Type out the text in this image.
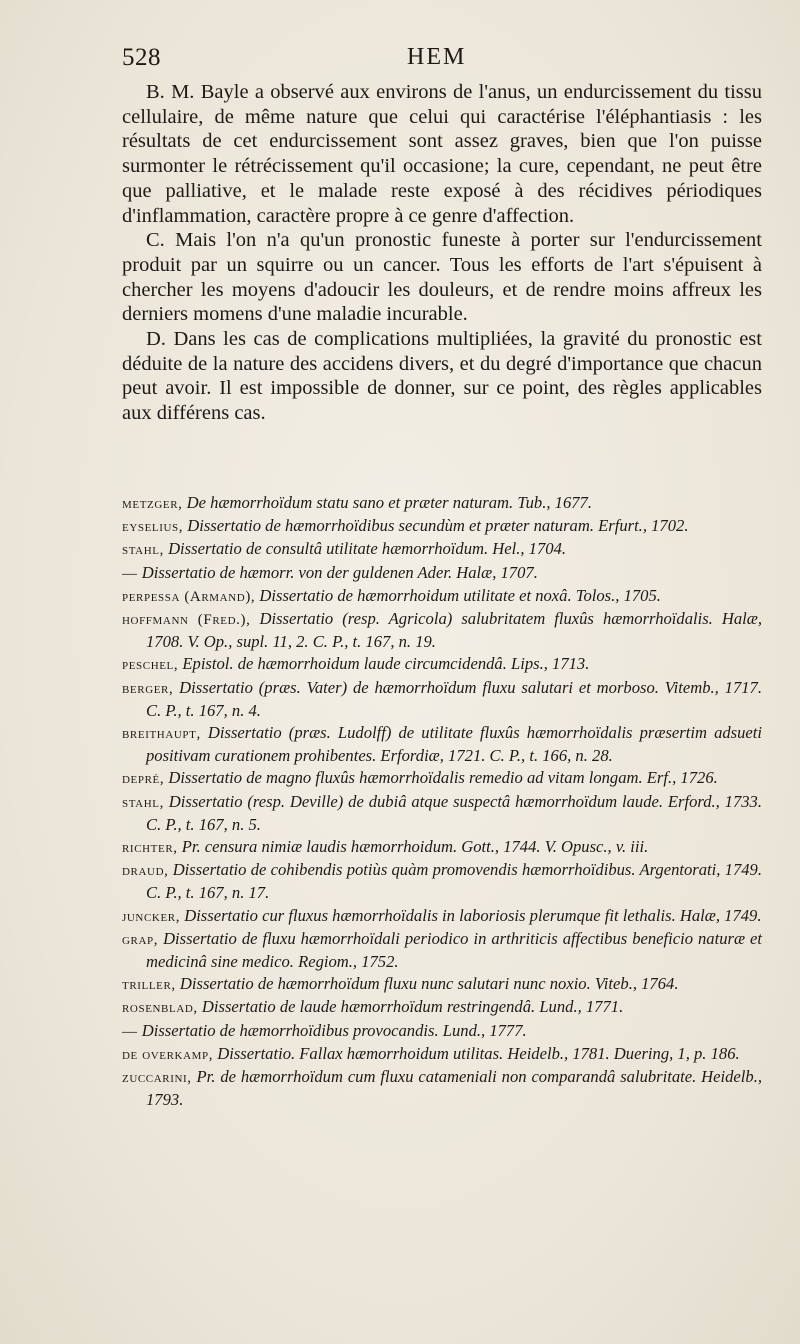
528	HEM

B. M. Bayle a observé aux environs de l'anus, un endurcissement du tissu cellulaire, de même nature que celui qui caractérise l'éléphantiasis : les résultats de cet endurcissement sont assez graves, bien que l'on puisse surmonter le rétrécissement qu'il occasione; la cure, cependant, ne peut être que palliative, et le malade reste exposé à des récidives périodiques d'inflammation, caractère propre à ce genre d'affection.

C. Mais l'on n'a qu'un pronostic funeste à porter sur l'endurcissement produit par un squirre ou un cancer. Tous les efforts de l'art s'épuisent à chercher les moyens d'adoucir les douleurs, et de rendre moins affreux les derniers momens d'une maladie incurable.

D. Dans les cas de complications multipliées, la gravité du pronostic est déduite de la nature des accidens divers, et du degré d'importance que chacun peut avoir. Il est impossible de donner, sur ce point, des règles applicables aux différens cas.

metzger, De hæmorrhoïdum statu sano et præter naturam. Tub., 1677.

eyselius, Dissertatio de hæmorrhoïdibus secundùm et præter naturam. Erfurt., 1702.

stahl, Dissertatio de consultâ utilitate hæmorrhoïdum. Hel., 1704.

— Dissertatio de hæmorr. von der guldenen Ader. Halæ, 1707.

perpessa (Armand), Dissertatio de hæmorrhoidum utilitate et noxâ. Tolos., 1705.

hoffmann (Fred.), Dissertatio (resp. Agricola) salubritatem fluxûs hæmorrhoïdalis. Halæ, 1708. V. Op., supl. 11, 2. C. P., t. 167, n. 19.

peschel, Epistol. de hæmorrhoidum laude circumcidendâ. Lips., 1713.

berger, Dissertatio (præs. Vater) de hæmorrhoïdum fluxu salutari et morboso. Vitemb., 1717. C. P., t. 167, n. 4.

breithaupt, Dissertatio (præs. Ludolff) de utilitate fluxûs hæmorrhoïdalis præsertim adsueti positivam curationem prohibentes. Erfordiæ, 1721. C. P., t. 166, n. 28.

depré, Dissertatio de magno fluxûs hæmorrhoïdalis remedio ad vitam longam. Erf., 1726.

stahl, Dissertatio (resp. Deville) de dubiâ atque suspectâ hæmorrhoïdum laude. Erford., 1733. C. P., t. 167, n. 5.

richter, Pr. censura nimiæ laudis hæmorrhoidum. Gott., 1744. V. Opusc., v. iii.

draud, Dissertatio de cohibendis potiùs quàm promovendis hæmorrhoïdibus. Argentorati, 1749. C. P., t. 167, n. 17.

juncker, Dissertatio cur fluxus hæmorrhoïdalis in laboriosis plerumque fit lethalis. Halæ, 1749.

grap, Dissertatio de fluxu hæmorrhoïdali periodico in arthriticis affectibus beneficio naturæ et medicinâ sine medico. Regiom., 1752.

triller, Dissertatio de hæmorrhoïdum fluxu nunc salutari nunc noxio. Viteb., 1764.

rosenblad, Dissertatio de laude hæmorrhoïdum restringendâ. Lund., 1771.

— Dissertatio de hæmorrhoïdibus provocandis. Lund., 1777.

de overkamp, Dissertatio. Fallax hæmorrhoidum utilitas. Heidelb., 1781. Duering, 1, p. 186.

zuccarini, Pr. de hæmorrhoïdum cum fluxu catameniali non comparandâ salubritate. Heidelb., 1793.
